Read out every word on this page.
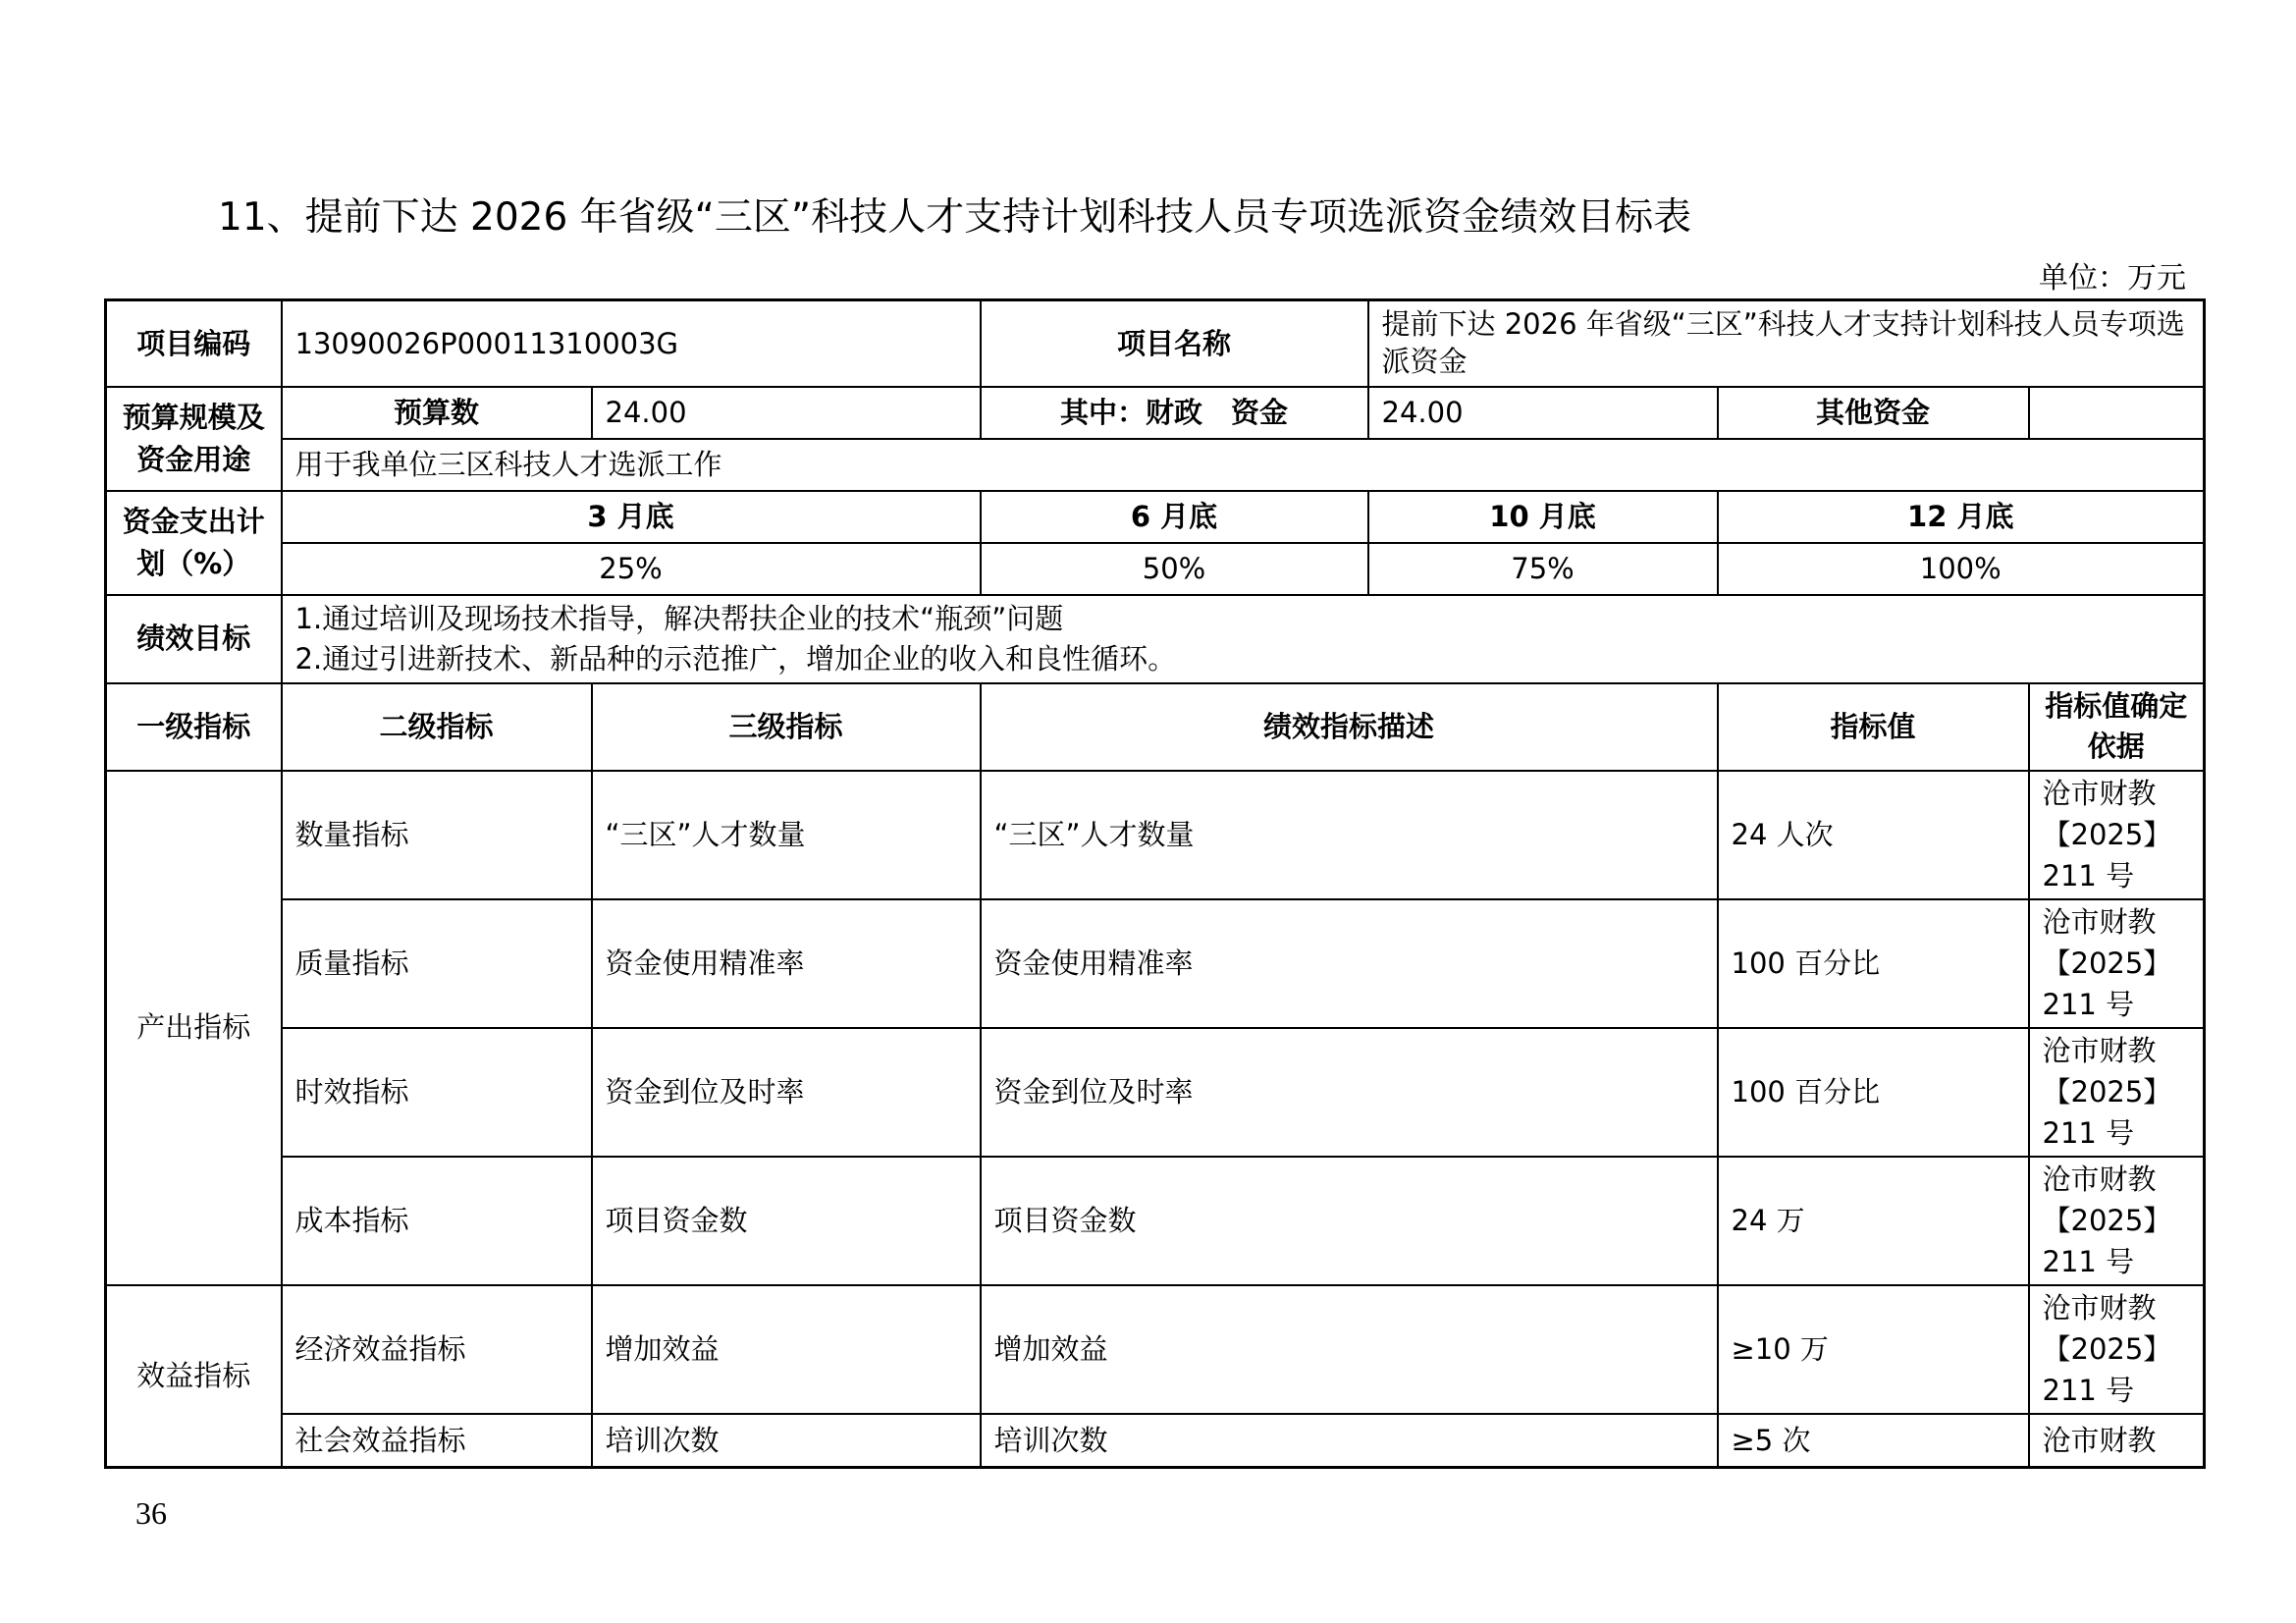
11、提前下达 2026 年省级“三区”科技人才支持计划科技人员专项选派资金绩效目标表
单位：万元
项目编码	13090026P00011310003G		项目名称	提前下达 2026 年省级“三区”科技人才支持计划科技人员专项选派资金		
预算规模及资金用途	预算数	24.00	其中：财政　资金	24.00	其他资金	
	用于我单位三区科技人才选派工作					
资金支出计划（%）	3 月底		6 月底	10 月底	12 月底	
	25%		50%	75%	100%	
绩效目标	1.通过培训及现场技术指导，解决帮扶企业的技术“瓶颈”问题
2.通过引进新技术、新品种的示范推广，增加企业的收入和良性循环。					

一级指标	二级指标	三级指标	绩效指标描述		指标值	指标值确定依据
产出指标	数量指标	“三区”人才数量	“三区”人才数量		24 人次	沧市财教【2025】211 号
	质量指标	资金使用精准率	资金使用精准率		100 百分比	沧市财教【2025】211 号
	时效指标	资金到位及时率	资金到位及时率		100 百分比	沧市财教【2025】211 号
	成本指标	项目资金数	项目资金数		24 万	沧市财教【2025】211 号
效益指标	经济效益指标	增加效益	增加效益		≥10 万	沧市财教【2025】211 号
	社会效益指标	培训次数	培训次数		≥5 次	沧市财教
36
